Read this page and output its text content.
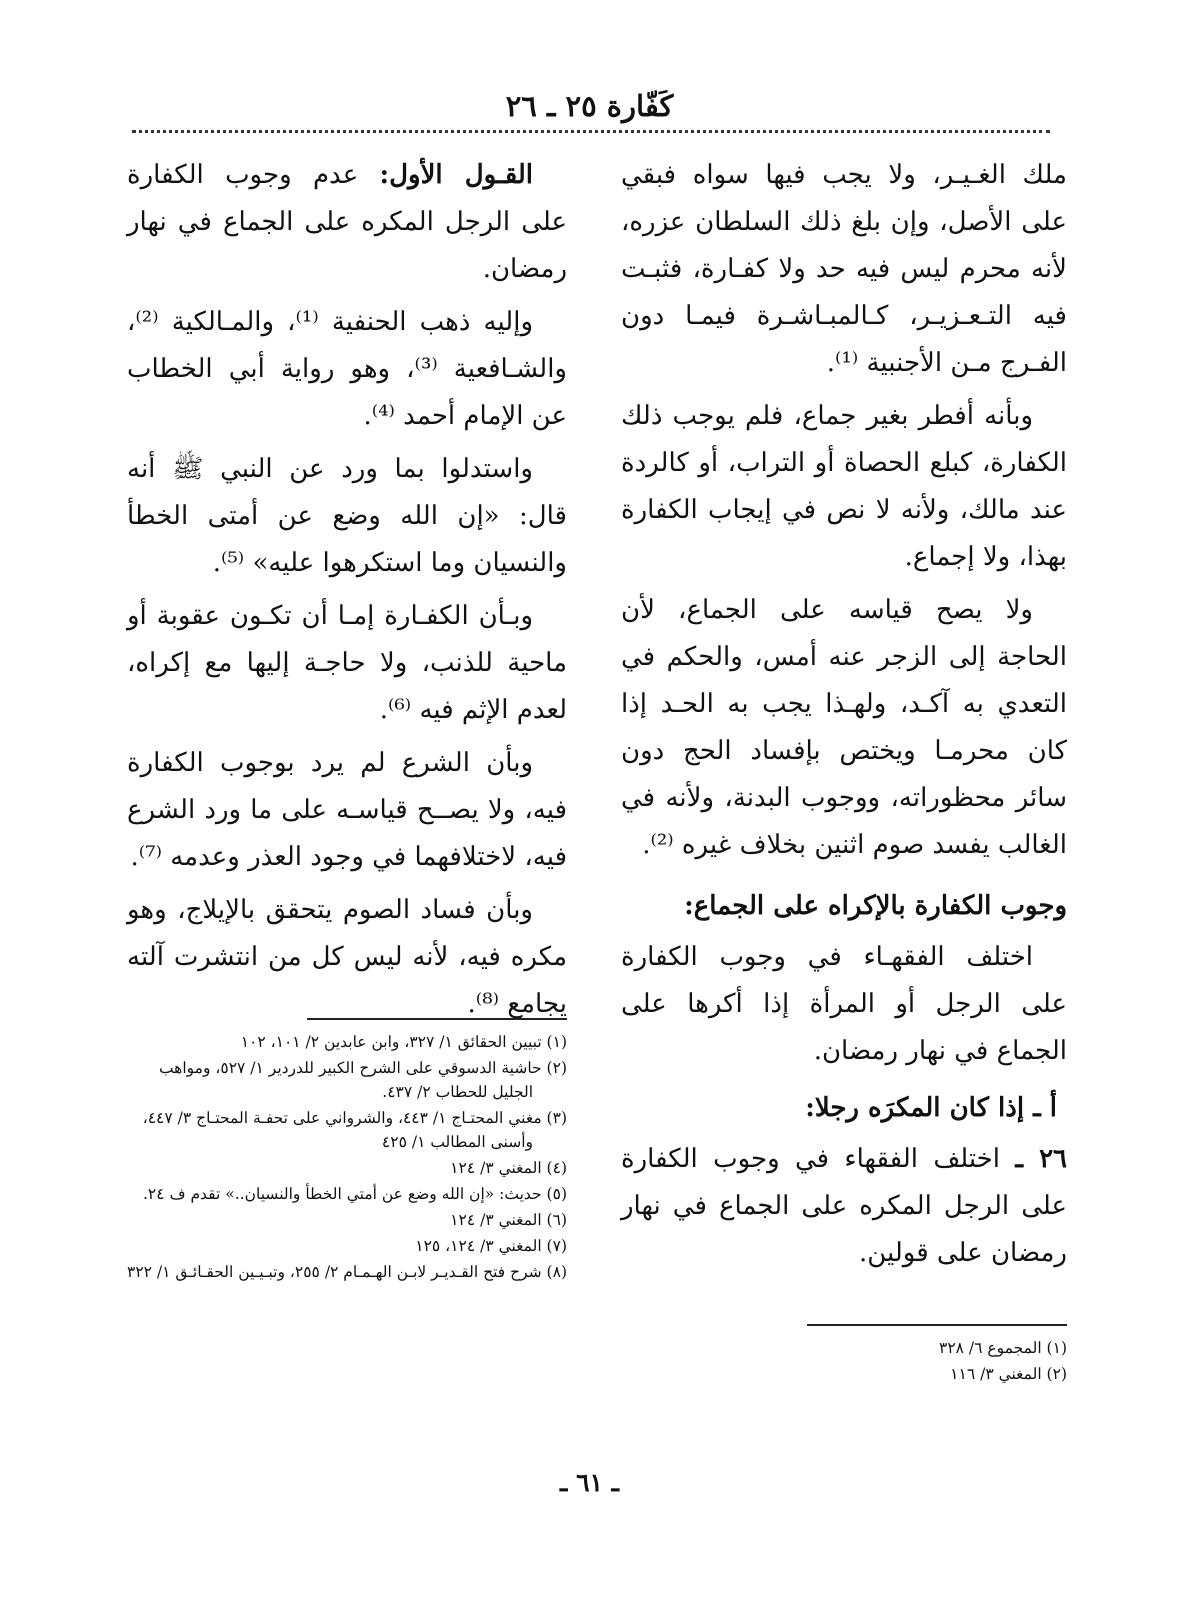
كَفّارة ٢٥ ـ ٢٦

ملك الغـيـر، ولا يجب فيها سواه فبقي على الأصل، وإن بلغ ذلك السلطان عزره، لأنه محرم ليس فيه حد ولا كفـارة، فثبـت فيه التـعـزيـر، كـالمبـاشـرة فيمـا دون الفـرج مـن الأجنبية ⁽¹⁾.

وبأنه أفطر بغير جماع، فلم يوجب ذلك الكفارة، كبلع الحصاة أو التراب، أو كالردة عند مالك، ولأنه لا نص في إيجاب الكفارة بهذا، ولا إجماع.

ولا يصح قياسه على الجماع، لأن الحاجة إلى الزجر عنه أمس، والحكم في التعدي به آكـد، ولهـذا يجب به الحـد إذا كان محرمـا ويختص بإفساد الحج دون سائر محظوراته، ووجوب البدنة، ولأنه في الغالب يفسد صوم اثنين بخلاف غيره ⁽²⁾.

وجوب الكفارة بالإكراه على الجماع:

اختلف الفقهـاء في وجوب الكفارة على الرجل أو المرأة إذا أكرها على الجماع في نهار رمضان.

أ ـ إذا كان المكرَه رجلا:

٢٦ ـ اختلف الفقهاء في وجوب الكفارة على الرجل المكره على الجماع في نهار رمضان على قولين.

القـول الأول: عدم وجوب الكفارة على الرجل المكره على الجماع في نهار رمضان.

وإليه ذهب الحنفية ⁽¹⁾، والمـالكية ⁽²⁾، والشـافعية ⁽³⁾، وهو رواية أبي الخطاب عن الإمام أحمد ⁽⁴⁾.

واستدلوا بما ورد عن النبي ﷺ أنه قال: «إن الله وضع عن أمتى الخطأ والنسيان وما استكرهوا عليه» ⁽⁵⁾.

وبـأن الكفـارة إمـا أن تكـون عقوبة أو ماحية للذنب، ولا حاجـة إليها مع إكراه، لعدم الإثم فيه ⁽⁶⁾.

وبأن الشرع لم يرد بوجوب الكفارة فيه، ولا يصــح قياسـه على ما ورد الشرع فيه، لاختلافهما في وجود العذر وعدمه ⁽⁷⁾.

وبأن فساد الصوم يتحقق بالإيلاج، وهو مكره فيه، لأنه ليس كل من انتشرت آلته يجامع ⁽⁸⁾.

(١) المجموع ٦/ ٣٢٨

(٢) المغني ٣/ ١١٦

(١) تبيين الحقائق ١/ ٣٢٧، وابن عابدين ٢/ ١٠١، ١٠٢

(٢) حاشية الدسوقي على الشرح الكبير للدردير ١/ ٥٢٧، ومواهب الجليل للحطاب ٢/ ٤٣٧.

(٣) مغني المحتـاج ١/ ٤٤٣، والشرواني على تحفـة المحتـاج ٣/ ٤٤٧، وأسنى المطالب ١/ ٤٢٥

(٤) المغني ٣/ ١٢٤

(٥) حديث: «إن الله وضع عن أمتي الخطأ والنسيان..» تقدم ف ٢٤.

(٦) المغني ٣/ ١٢٤

(٧) المغني ٣/ ١٢٤، ١٢٥

(٨) شرح فتح القـديـر لابـن الهـمـام ٢/ ٢٥٥، وتبـيـين الحقـائـق ١/ ٣٢٢

ـ ٦١ ـ
